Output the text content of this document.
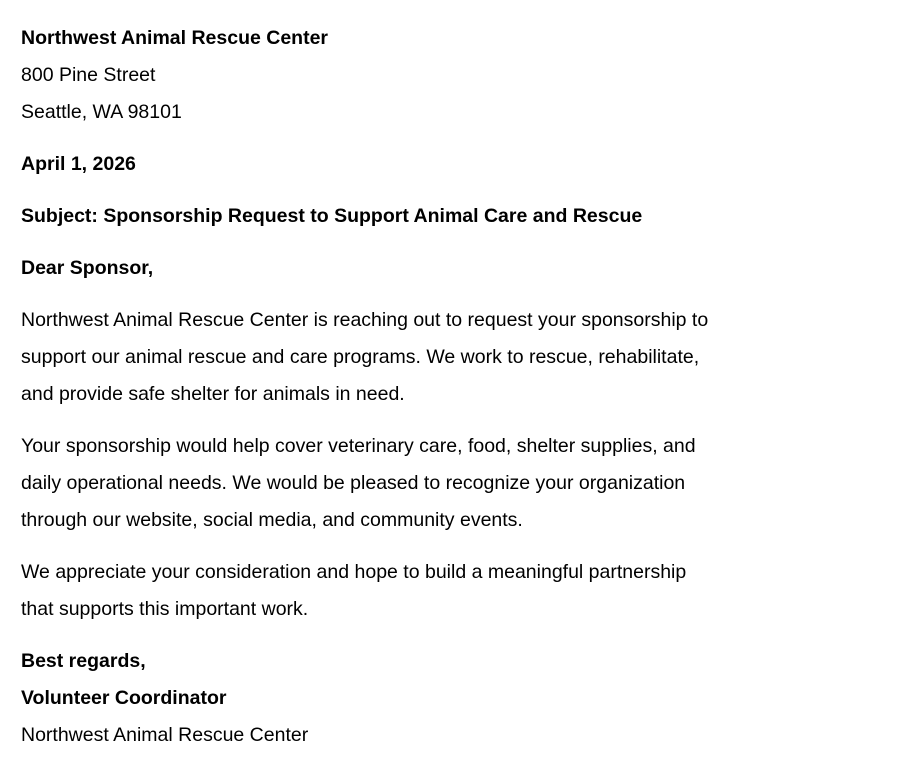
Northwest Animal Rescue Center
800 Pine Street
Seattle, WA 98101
April 1, 2026
Subject: Sponsorship Request to Support Animal Care and Rescue
Dear Sponsor,
Northwest Animal Rescue Center is reaching out to request your sponsorship to
support our animal rescue and care programs. We work to rescue, rehabilitate,
and provide safe shelter for animals in need.
Your sponsorship would help cover veterinary care, food, shelter supplies, and
daily operational needs. We would be pleased to recognize your organization
through our website, social media, and community events.
We appreciate your consideration and hope to build a meaningful partnership
that supports this important work.
Best regards,
Volunteer Coordinator
Northwest Animal Rescue Center
